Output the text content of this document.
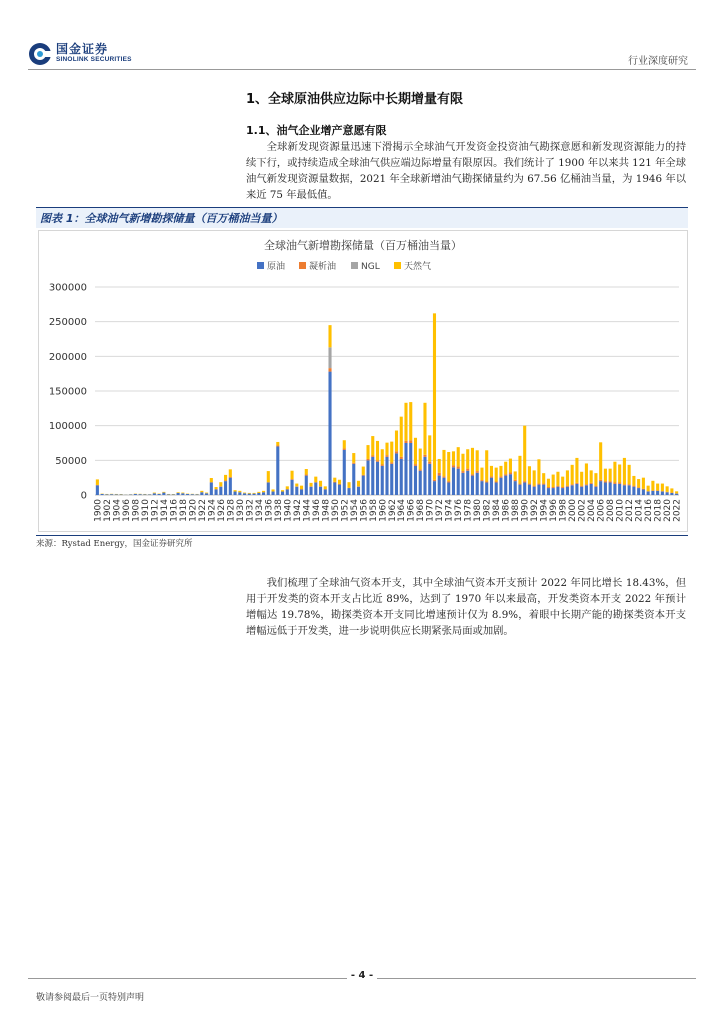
国金证券
SINOLINK SECURITIES	行业深度研究
1、全球原油供应边际中长期增量有限
1.1、油气企业增产意愿有限
全球新发现资源量迅速下滑揭示全球油气开发资金投资油气勘探意愿和新发现资源能力的持续下行，或持续造成全球油气供应端边际增量有限原因。我们统计了 1900 年以来共 121 年全球油气新发现资源量数据，2021 年全球新增油气勘探储量约为 67.56 亿桶油当量，为 1946 年以来近 75 年最低值。
图表 1：全球油气新增勘探储量（百万桶油当量）
全球油气新增勘探储量（百万桶油当量）
原油	凝析油	NGL	天然气
0
50000
100000
150000
200000
250000
300000
1900 1902 1904 1906 1908 1910 1912 1914 1916 1918 1920 1922 1924 1926 1928 1930 1932 1934 1936 1938 1940 1942 1944 1946 1948 1950 1952 1954 1956 1958 1960 1962 1964 1966 1968 1970 1972 1974 1976 1978 1980 1982 1984 1986 1988 1990 1992 1994 1996 1998 2000 2002 2004 2006 2008 2010 2012 2014 2016 2018 2020 2022
来源：Rystad Energy，国金证券研究所
我们梳理了全球油气资本开支，其中全球油气资本开支预计 2022 年同比增长 18.43%，但用于开发类的资本开支占比近 89%，达到了 1970 年以来最高，开发类资本开支 2022 年预计增幅达 19.78%，勘探类资本开支同比增速预计仅为 8.9%，着眼中长期产能的勘探类资本开支增幅远低于开发类，进一步说明供应长期紧张局面或加剧。
- 4 -
敬请参阅最后一页特别声明
